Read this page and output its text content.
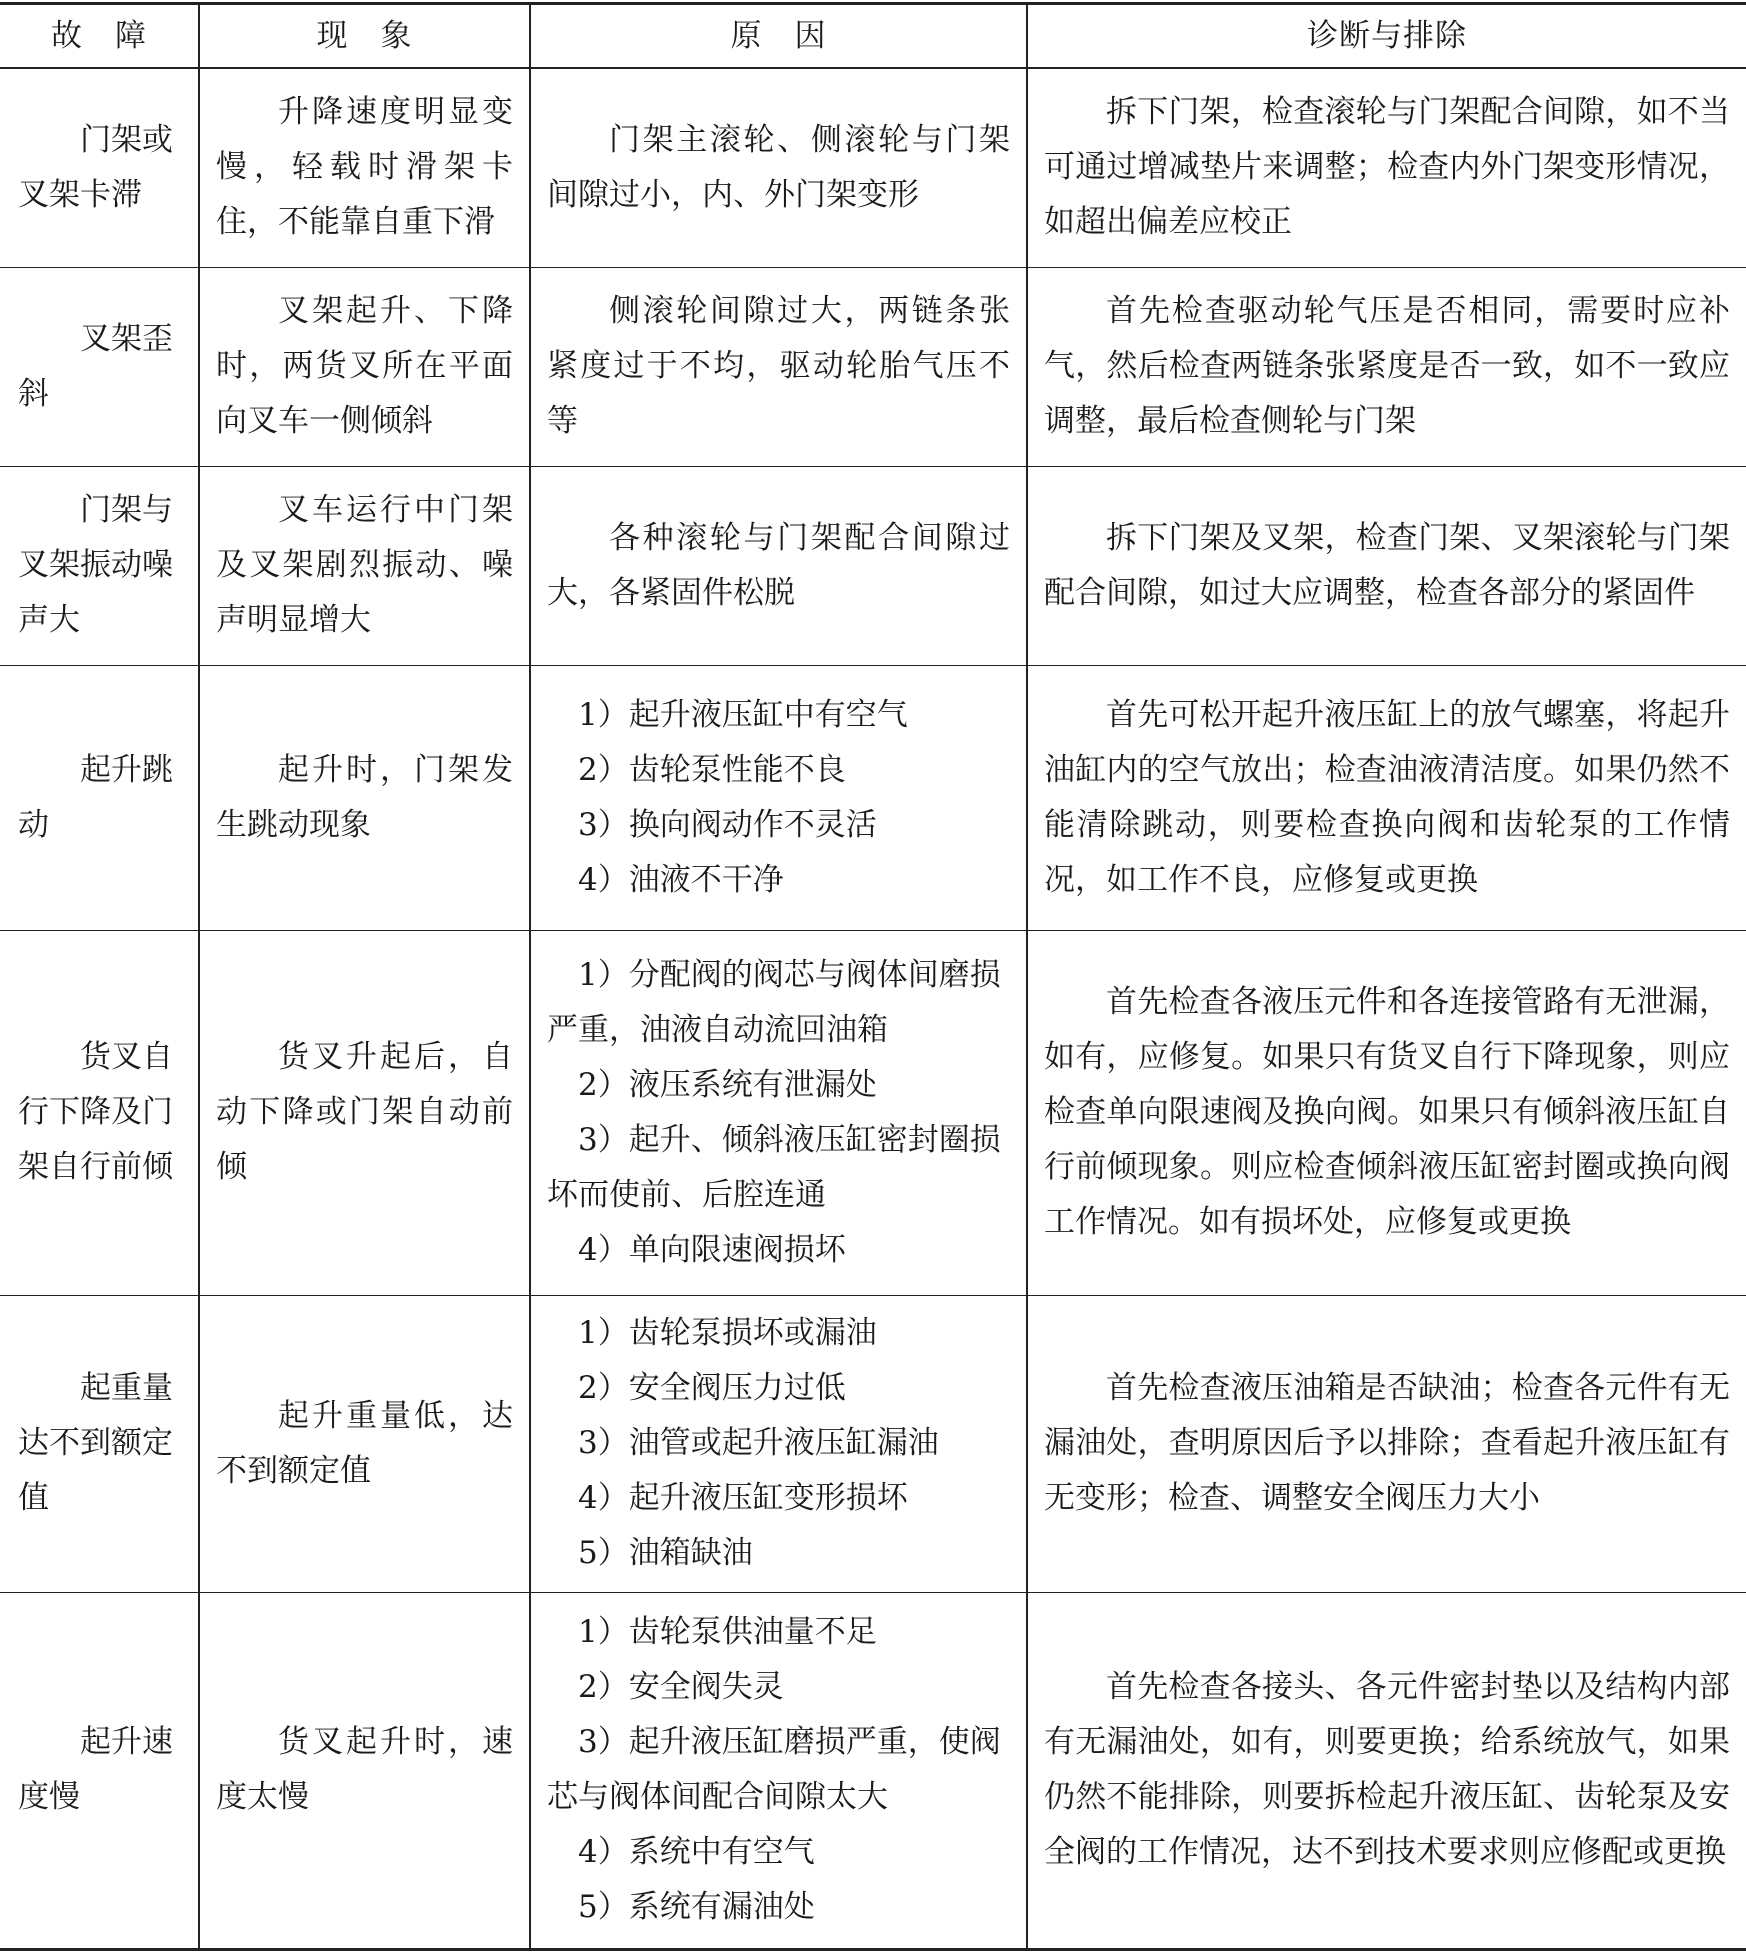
故　障	现　象	原　因	诊断与排除
门架或叉架卡滞	升降速度明显变慢，轻载时滑架卡住，不能靠自重下滑	门架主滚轮、侧滚轮与门架间隙过小，内、外门架变形	拆下门架，检查滚轮与门架配合间隙，如不当可通过增减垫片来调整；检查内外门架变形情况，如超出偏差应校正
叉架歪斜	叉架起升、下降时，两货叉所在平面向叉车一侧倾斜	侧滚轮间隙过大，两链条张紧度过于不均，驱动轮胎气压不等	首先检查驱动轮气压是否相同，需要时应补气，然后检查两链条张紧度是否一致，如不一致应调整，最后检查侧轮与门架
门架与叉架振动噪声大	叉车运行中门架及叉架剧烈振动、噪声明显增大	各种滚轮与门架配合间隙过大，各紧固件松脱	拆下门架及叉架，检查门架、叉架滚轮与门架配合间隙，如过大应调整，检查各部分的紧固件
起升跳动	起升时，门架发生跳动现象	1）起升液压缸中有空气
2）齿轮泵性能不良
3）换向阀动作不灵活
4）油液不干净	首先可松开起升液压缸上的放气螺塞，将起升油缸内的空气放出；检查油液清洁度。如果仍然不能清除跳动，则要检查换向阀和齿轮泵的工作情况，如工作不良，应修复或更换
货叉自行下降及门架自行前倾	货叉升起后，自动下降或门架自动前倾	1）分配阀的阀芯与阀体间磨损严重，油液自动流回油箱
2）液压系统有泄漏处
3）起升、倾斜液压缸密封圈损坏而使前、后腔连通
4）单向限速阀损坏	首先检查各液压元件和各连接管路有无泄漏，如有，应修复。如果只有货叉自行下降现象，则应检查单向限速阀及换向阀。如果只有倾斜液压缸自行前倾现象。则应检查倾斜液压缸密封圈或换向阀工作情况。如有损坏处，应修复或更换
起重量达不到额定值	起升重量低，达不到额定值	1）齿轮泵损坏或漏油
2）安全阀压力过低
3）油管或起升液压缸漏油
4）起升液压缸变形损坏
5）油箱缺油	首先检查液压油箱是否缺油；检查各元件有无漏油处，查明原因后予以排除；查看起升液压缸有无变形；检查、调整安全阀压力大小
起升速度慢	货叉起升时，速度太慢	1）齿轮泵供油量不足
2）安全阀失灵
3）起升液压缸磨损严重，使阀芯与阀体间配合间隙太大
4）系统中有空气
5）系统有漏油处	首先检查各接头、各元件密封垫以及结构内部有无漏油处，如有，则要更换；给系统放气，如果仍然不能排除，则要拆检起升液压缸、齿轮泵及安全阀的工作情况，达不到技术要求则应修配或更换
